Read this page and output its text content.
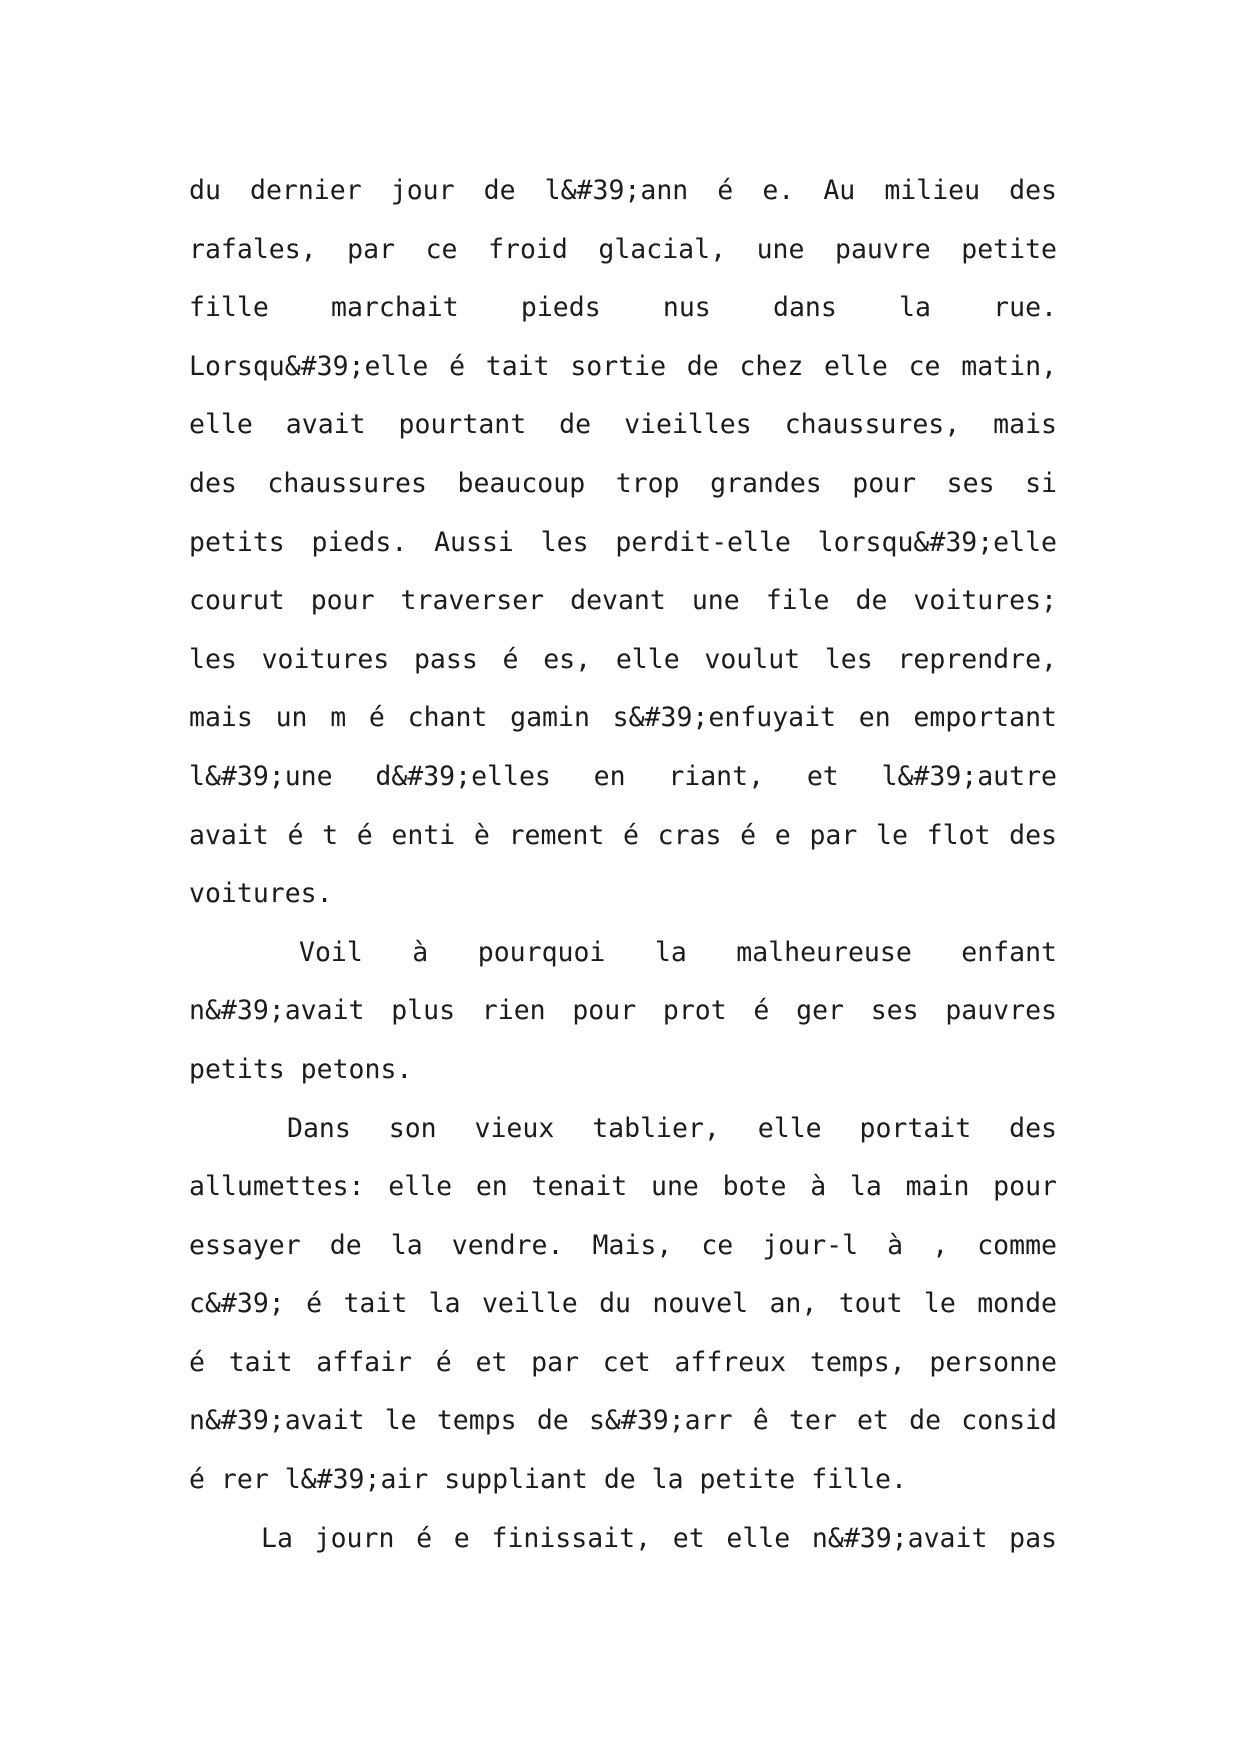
du dernier jour de l&#39;ann é e. Au milieu des
rafales, par ce froid glacial, une pauvre petite
fille marchait pieds nus dans la rue.
Lorsqu&#39;elle é tait sortie de chez elle ce matin,
elle avait pourtant de vieilles chaussures, mais
des chaussures beaucoup trop grandes pour ses si
petits pieds. Aussi les perdit-elle lorsqu&#39;elle
courut pour traverser devant une file de voitures;
les voitures pass é es, elle voulut les reprendre,
mais un m é chant gamin s&#39;enfuyait en emportant
l&#39;une d&#39;elles en riant, et l&#39;autre
avait é t é enti è rement é cras é e par le flot des
voitures.
Voil à pourquoi la malheureuse enfant
n&#39;avait plus rien pour prot é ger ses pauvres
petits petons.
Dans son vieux tablier, elle portait des
allumettes: elle en tenait une bote à la main pour
essayer de la vendre. Mais, ce jour-l à , comme
c&#39; é tait la veille du nouvel an, tout le monde
é tait affair é et par cet affreux temps, personne
n&#39;avait le temps de s&#39;arr ê ter et de consid
é rer l&#39;air suppliant de la petite fille.
La journ é e finissait, et elle n&#39;avait pas
